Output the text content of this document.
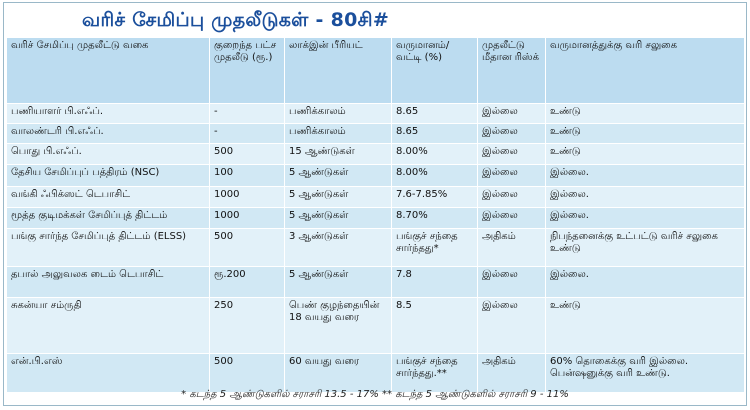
வரிச் சேமிப்பு முதலீடுகள் - 80சி#
வரிச் சேமிப்பு முதலீட்டு வகை	குறைந்த பட்ச முதலீடு (ரூ.)	லாக்இன் பீரியட்	வருமானம்/ வட்டி (%)	முதலீட்டு மீதான ரிஸ்க்	வருமானத்துக்கு வரி சலுகை
பணியாளர் பி.எஃப்.	-	பணிக்காலம்	8.65	இல்லை	உண்டு
வாலண்டரி பி.எஃப்.	-	பணிக்காலம்	8.65	இல்லை	உண்டு
பொது பி.எஃப்.	500	15 ஆண்டுகள்	8.00%	இல்லை	உண்டு
தேசிய சேமிப்புப் பத்திரம் (NSC)	100	5 ஆண்டுகள்	8.00%	இல்லை	இல்லை.
வங்கி ஃபிக்ஸட் டெபாசிட்	1000	5 ஆண்டுகள்	7.6-7.85%	இல்லை	இல்லை.
மூத்த குடிமக்கள் சேமிப்புத் திட்டம்	1000	5 ஆண்டுகள்	8.70%	இல்லை	இல்லை.
பங்கு சார்ந்த சேமிப்புத் திட்டம் (ELSS)	500	3 ஆண்டுகள்	பங்குச் சந்தை சார்ந்தது*	அதிகம்	நிபந்தனைக்கு உட்பட்டு வரிச் சலுகை உண்டு
தபால் அலுவலக டைம் டெபாசிட்	ரூ.200	5 ஆண்டுகள்	7.8	இல்லை	இல்லை.
சுகன்யா சம்ருதி	250	பெண் குழந்தையின் 18 வயது வரை	8.5	இல்லை	உண்டு
என்.பி.எஸ்	500	60 வயது வரை	பங்குச் சந்தை சார்ந்தது.**	அதிகம்	60% தொகைக்கு வரி இல்லை. பென்ஷனுக்கு வரி உண்டு.
* கடந்த 5 ஆண்டுகளில் சராசரி 13.5 - 17% ** கடந்த 5 ஆண்டுகளில் சராசரி 9 - 11%
